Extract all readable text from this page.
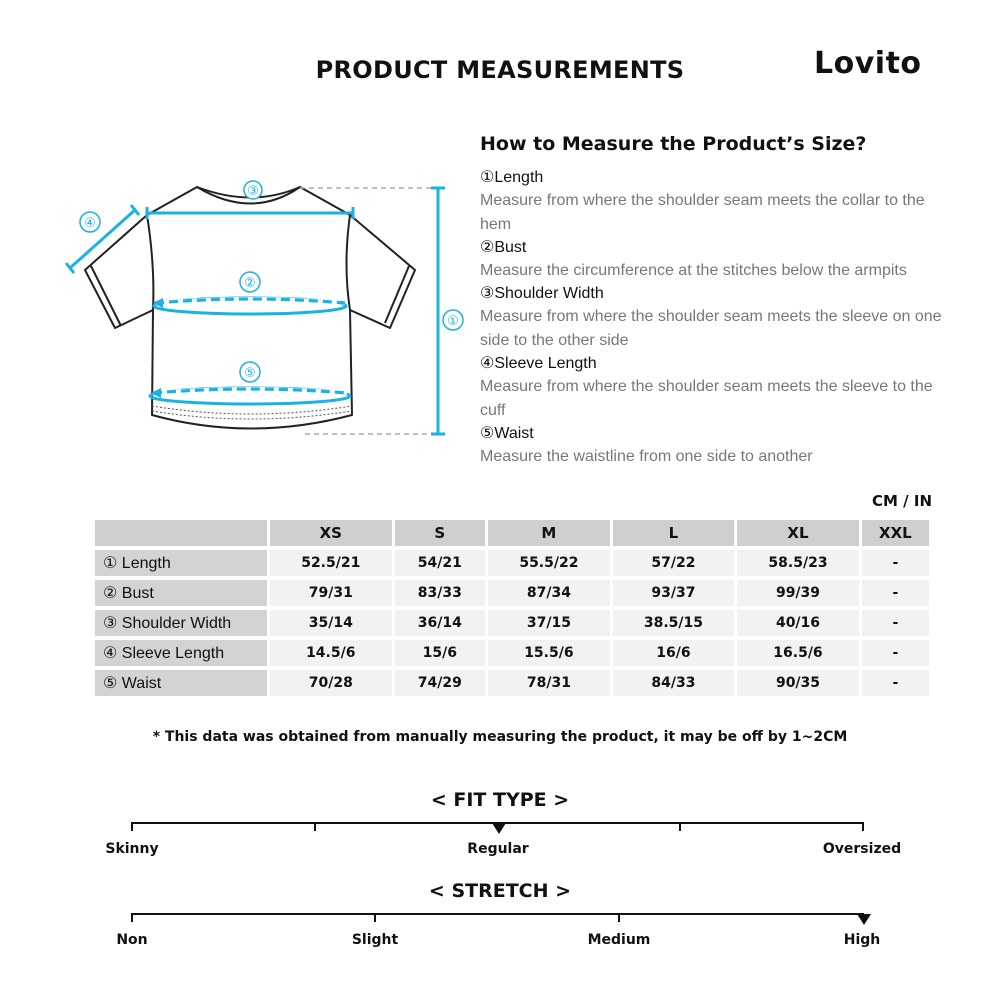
PRODUCT MEASUREMENTS	Lovito
③
②
⑤
①
④
How to Measure the Product’s Size?
①Length
Measure from where the shoulder seam meets the collar to the hem
②Bust
Measure the circumference at the stitches below the armpits
③Shoulder Width
Measure from where the shoulder seam meets the sleeve on one side to the other side
④Sleeve Length
Measure from where the shoulder seam meets the sleeve to the cuff
⑤Waist
Measure the waistline from one side to another
CM / IN
	XS	S	M	L	XL	XXL
① Length	52.5/21	54/21	55.5/22	57/22	58.5/23	-
② Bust	79/31	83/33	87/34	93/37	99/39	-
③ Shoulder Width	35/14	36/14	37/15	38.5/15	40/16	-
④ Sleeve Length	14.5/6	15/6	15.5/6	16/6	16.5/6	-
⑤ Waist	70/28	74/29	78/31	84/33	90/35	-
* This data was obtained from manually measuring the product, it may be off by 1~2CM
< FIT TYPE >
Skinny	Regular	Oversized
< STRETCH >
Non	Slight	Medium	High
